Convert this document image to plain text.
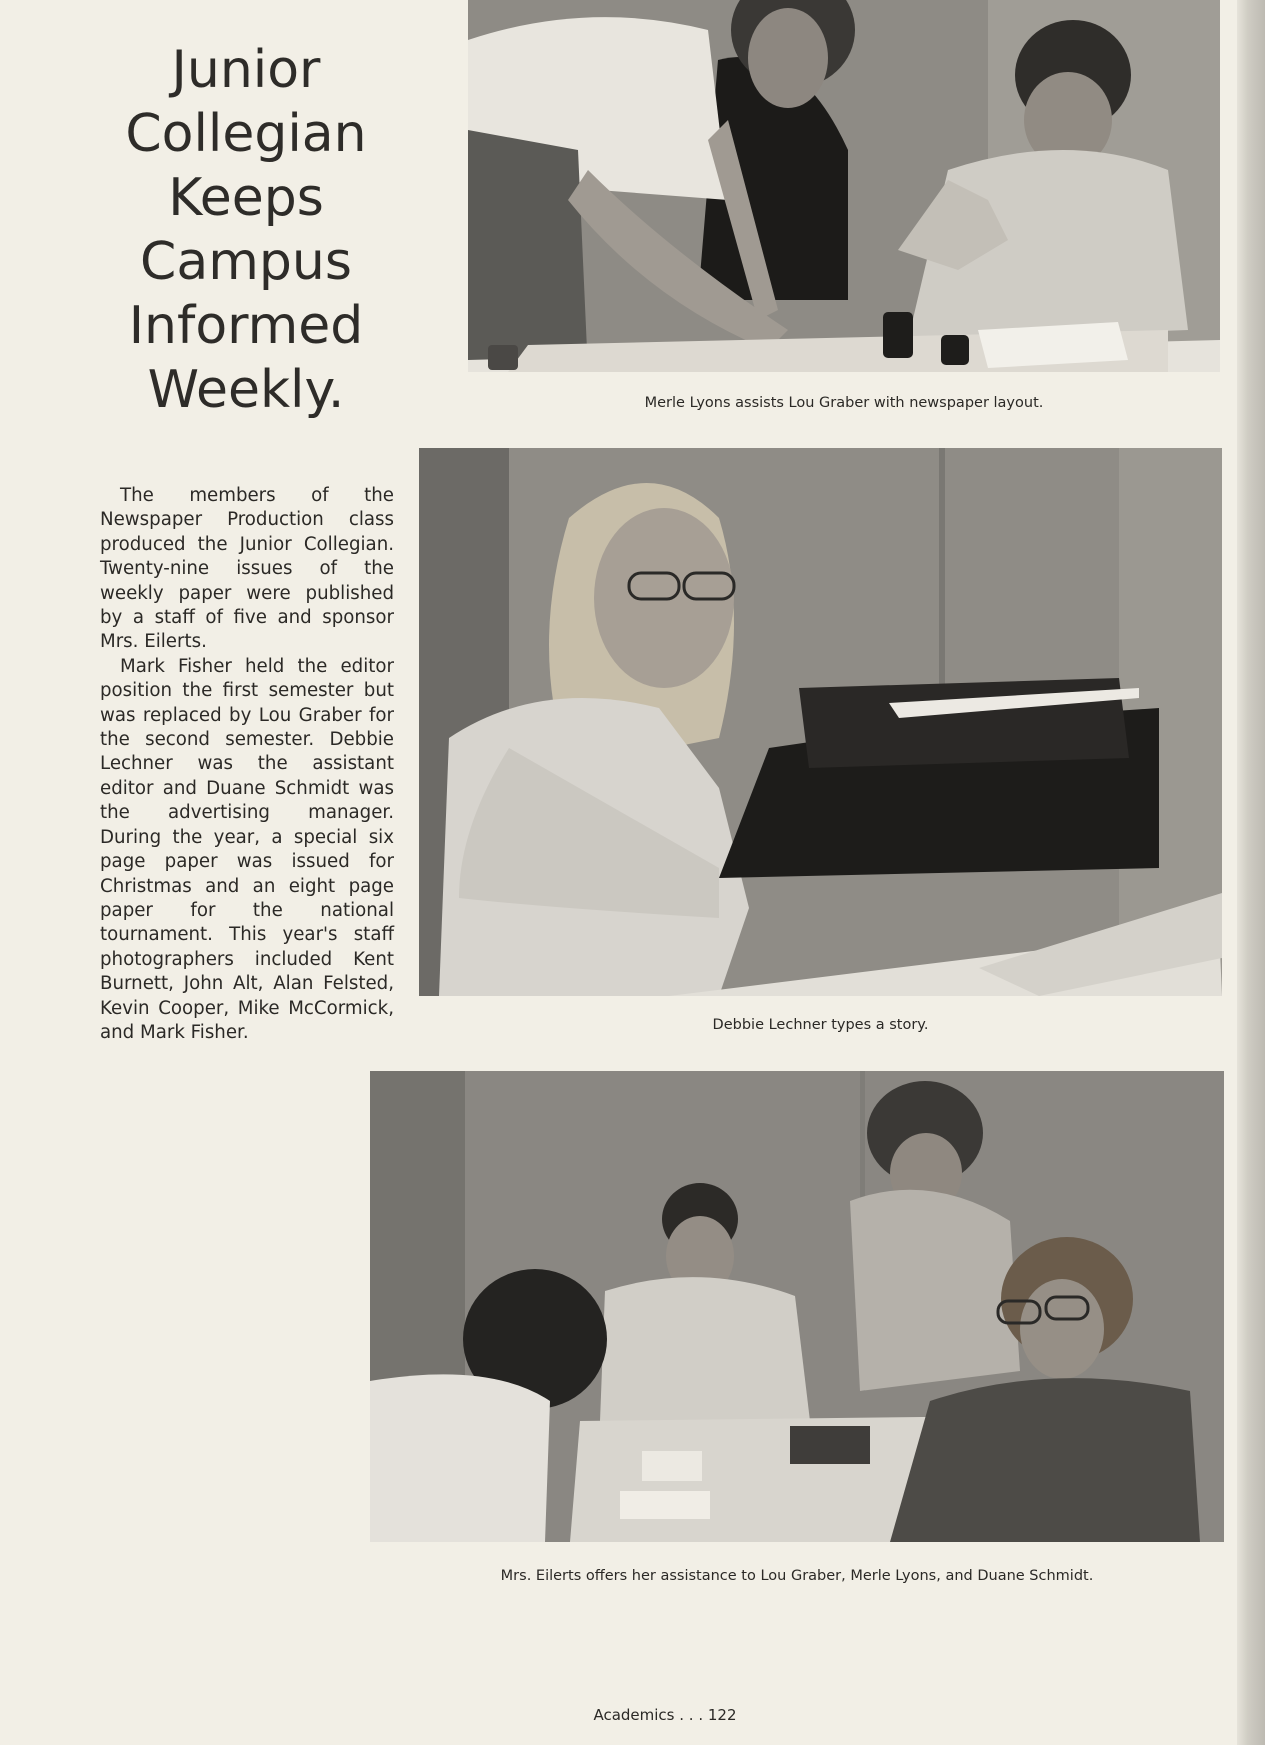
Junior
Collegian
Keeps
Campus
Informed
Weekly.

The members of the Newspaper Production class produced the Junior Collegian. Twenty-nine issues of the weekly paper were published by a staff of five and sponsor Mrs. Eilerts.

Mark Fisher held the editor position the first semester but was replaced by Lou Graber for the second semester. Debbie Lechner was the assistant editor and Duane Schmidt was the advertising manager. During the year, a special six page paper was issued for Christmas and an eight page paper for the national tournament. This year's staff photographers included Kent Burnett, John Alt, Alan Felsted, Kevin Cooper, Mike McCormick, and Mark Fisher.

Merle Lyons assists Lou Graber with newspaper layout.
Debbie Lechner types a story.
Mrs. Eilerts offers her assistance to Lou Graber, Merle Lyons, and Duane Schmidt.
Academics . . . 122
